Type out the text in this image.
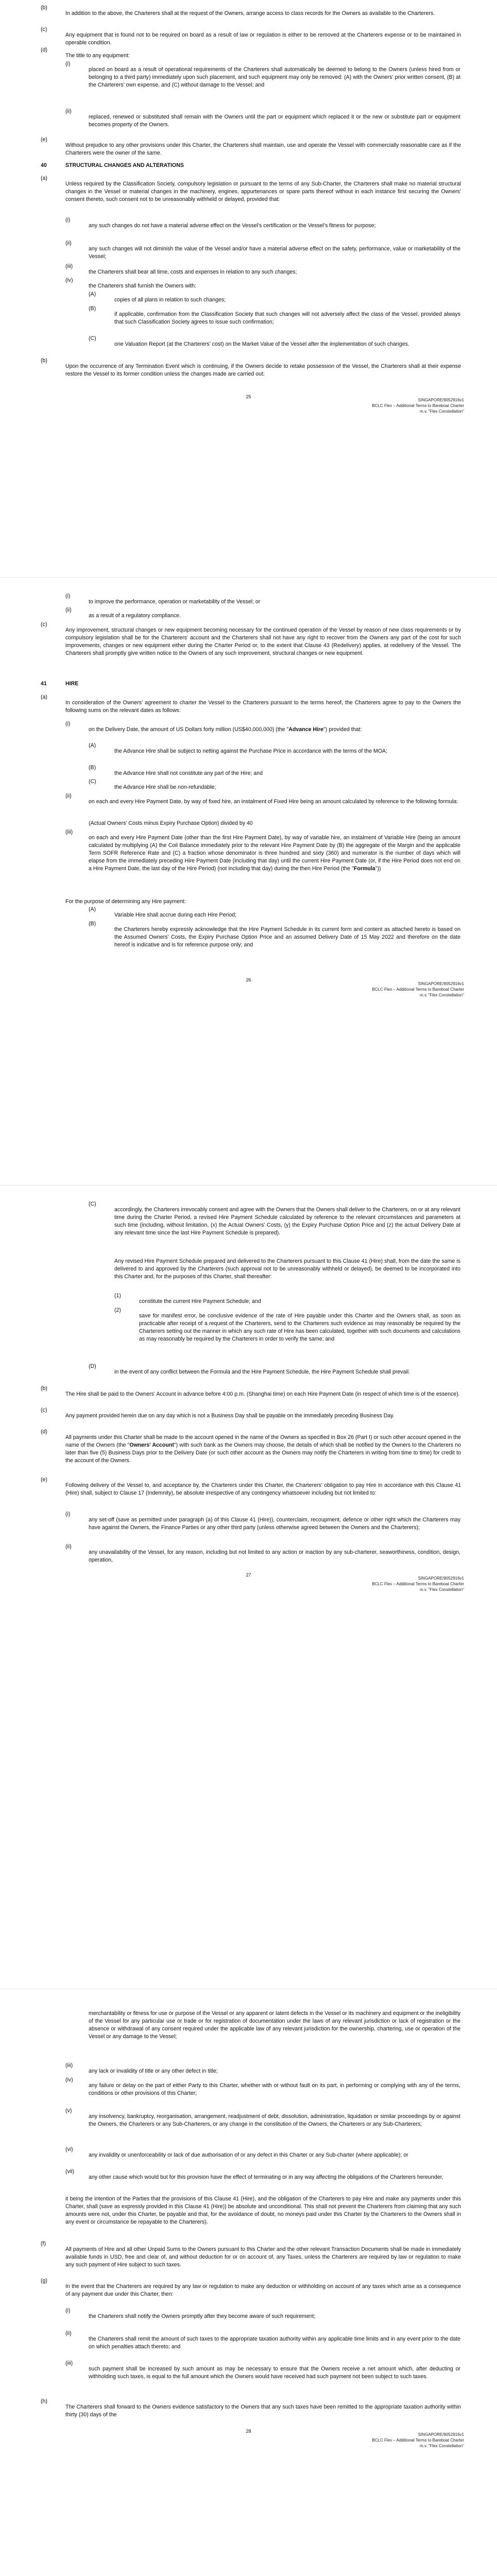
(b)

In addition to the above, the Charterers shall at the request of the Owners, arrange access to class records for the Owners as available to the Charterers.

(c)

Any equipment that is found not to be required on board as a result of law or regulation is either to be removed at the Charterers expense or to be maintained in operable condition.

(d)

The title to any equipment:

(i)

placed on board as a result of operational requirements of the Charterers shall automatically be deemed to belong to the Owners (unless hired from or belonging to a third party) immediately upon such placement, and such equipment may only be removed: (A) with the Owners' prior written consent, (B) at the Charterers' own expense, and (C) without damage to the Vessel; and

(ii)

replaced, renewed or substituted shall remain with the Owners until the part or equipment which replaced it or the new or substitute part or equipment becomes property of the Owners.

(e)

Without prejudice to any other provisions under this Charter, the Charterers shall maintain, use and operate the Vessel with commercially reasonable care as if the Charterers were the owner of the same.

40	STRUCTURAL CHANGES AND ALTERATIONS
(a)

Unless required by the Classification Society, compulsory legislation or pursuant to the terms of any Sub-Charter, the Charterers shall make no material structural changes in the Vessel or material changes in the machinery, engines, appurtenances or spare parts thereof without in each instance first securing the Owners' consent thereto, such consent not to be unreasonably withheld or delayed, provided that:

(i)

any such changes do not have a material adverse effect on the Vessel's certification or the Vessel's fitness for purpose;

(ii)

any such changes will not diminish the value of the Vessel and/or have a material adverse effect on the safety, performance, value or marketability of the Vessel;

(iii)

the Charterers shall bear all time, costs and expenses in relation to any such changes;

(iv)

the Charterers shall furnish the Owners with:

(A)

copies of all plans in relation to such changes;

(B)

if applicable, confirmation from the Classification Society that such changes will not adversely affect the class of the Vessel, provided always that such Classification Society agrees to issue such confirmation;

(C)

one Valuation Report (at the Charterers' cost) on the Market Value of the Vessel after the implementation of such changes.

(b)

Upon the occurrence of any Termination Event which is continuing, if the Owners decide to retake possession of the Vessel, the Charterers shall at their expense restore the Vessel to its former condition unless the changes made are carried out:

25
SINGAPORE/9052916v1
BCLC Flex – Additional Terms to Bareboat Charter
m.v. "Flex Constellation"
(i)

to improve the performance, operation or marketability of the Vessel; or

(ii)

as a result of a regulatory compliance.

(c)

Any improvement, structural changes or new equipment becoming necessary for the continued operation of the Vessel by reason of new class requirements or by compulsory legislation shall be for the Charterers' account and the Charterers shall not have any right to recover from the Owners any part of the cost for such improvements, changes or new equipment either during the Charter Period or, to the extent that Clause 43 (Redelivery) applies, at redelivery of the Vessel. The Charterers shall promptly give written notice to the Owners of any such improvement, structural changes or new equipment.

41	HIRE
(a)

In consideration of the Owners' agreement to charter the Vessel to the Charterers pursuant to the terms hereof, the Charterers agree to pay to the Owners the following sums on the relevant dates as follows:

(i)

on the Delivery Date, the amount of US Dollars forty million (US$40,000,000) (the "Advance Hire") provided that:

(A)

the Advance Hire shall be subject to netting against the Purchase Price in accordance with the terms of the MOA;

(B)

the Advance Hire shall not constitute any part of the Hire; and

(C)

the Advance Hire shall be non-refundable;

(ii)

on each and every Hire Payment Date, by way of fixed hire, an instalment of Fixed Hire being an amount calculated by reference to the following formula:

(Actual Owners' Costs minus Expiry Purchase Option) divided by 40

(iii)

on each and every Hire Payment Date (other than the first Hire Payment Date), by way of variable hire, an instalment of Variable Hire (being an amount calculated by multiplying (A) the Coil Balance immediately prior to the relevant Hire Payment Date by (B) the aggregate of the Margin and the applicable Term SOFR Reference Rate and (C) a fraction whose denominator is three hundred and sixty (360) and numerator is the number of days which will elapse from the immediately preceding Hire Payment Date (including that day) until the current Hire Payment Date (or, if the Hire Period does not end on a Hire Payment Date, the last day of the Hire Period) (not including that day) during the then Hire Period (the "Formula"))

For the purpose of determining any Hire payment:

(A)

Variable Hire shall accrue during each Hire Period;

(B)

the Charterers hereby expressly acknowledge that the Hire Payment Schedule in its current form and content as attached hereto is based on the Assumed Owners' Costs, the Expiry Purchase Option Price and an assumed Delivery Date of 15 May 2022 and therefore on the date hereof is indicative and is for reference purpose only; and

26
SINGAPORE/9052916v1
BCLC Flex – Additional Terms to Bareboat Charter
m.v. "Flex Constellation"
(C)

accordingly, the Charterers irrevocably consent and agree with the Owners that the Owners shall deliver to the Charterers, on or at any relevant time during the Charter Period, a revised Hire Payment Schedule calculated by reference to the relevant circumstances and parameters at such time (including, without limitation, (x) the Actual Owners' Costs, (y) the Expiry Purchase Option Price and (z) the actual Delivery Date at any relevant time since the last Hire Payment Schedule is prepared).

Any revised Hire Payment Schedule prepared and delivered to the Charterers pursuant to this Clause 41 (Hire) shall, from the date the same is delivered to and approved by the Charterers (such approval not to be unreasonably withheld or delayed), be deemed to be incorporated into this Charter and, for the purposes of this Charter, shall thereafter:

(1)

constitute the current Hire Payment Schedule; and

(2)

save for manifest error, be conclusive evidence of the rate of Hire payable under this Charter and the Owners shall, as soon as practicable after receipt of a request of the Charterers, send to the Charterers such evidence as may reasonably be required by the Charterers setting out the manner in which any such rate of Hire has been calculated, together with such documents and calculations as may reasonably be required by the Charterers in order to verify the same; and

(D)

in the event of any conflict between the Formula and the Hire Payment Schedule, the Hire Payment Schedule shall prevail.

(b)

The Hire shall be paid to the Owners' Account in advance before 4:00 p.m. (Shanghai time) on each Hire Payment Date (in respect of which time is of the essence).

(c)

Any payment provided herein due on any day which is not a Business Day shall be payable on the immediately preceding Business Day.

(d)

All payments under this Charter shall be made to the account opened in the name of the Owners as specified in Box 26 (Part I) or such other account opened in the name of the Owners (the "Owners' Account") with such bank as the Owners may choose, the details of which shall be notified by the Owners to the Charterers no later than five (5) Business Days prior to the Delivery Date (or such other account as the Owners may notify the Charterers in writing from time to time) for credit to the account of the Owners.

(e)

Following delivery of the Vessel to, and acceptance by, the Charterers under this Charter, the Charterers' obligation to pay Hire in accordance with this Clause 41 (Hire) shall, subject to Clause 17 (Indemnity), be absolute irrespective of any contingency whatsoever including but not limited to:

(i)

any set-off (save as permitted under paragraph (a) of this Clause 41 (Hire)), counterclaim, recoupment, defence or other right which the Charterers may have against the Owners, the Finance Parties or any other third party (unless otherwise agreed between the Owners and the Charterers);

(ii)

any unavailability of the Vessel, for any reason, including but not limited to any action or inaction by any sub-charterer, seaworthiness, condition, design, operation,

27
SINGAPORE/9052916v1
BCLC Flex – Additional Terms to Bareboat Charter
m.v. "Flex Constellation"

merchantability or fitness for use or purpose of the Vessel or any apparent or latent defects in the Vessel or its machinery and equipment or the ineligibility of the Vessel for any particular use or trade or for registration of documentation under the laws of any relevant jurisdiction or lack of registration or the absence or withdrawal of any consent required under the applicable law of any relevant jurisdiction for the ownership, chartering, use or operation of the Vessel or any damage to the Vessel;

(iii)

any lack or invalidity of title or any other defect in title;

(iv)

any failure or delay on the part of either Party to this Charter, whether with or without fault on its part, in performing or complying with any of the terms, conditions or other provisions of this Charter;

(v)

any insolvency, bankruptcy, reorganisation, arrangement, readjustment of debt, dissolution, administration, liquidation or similar proceedings by or against the Owners, the Charterers or any Sub-Charterers, or any change in the constitution of the Owners, the Charterers or any Sub-Charterers;

(vi)

any invalidity or unenforceability or lack of due authorisation of or any defect in this Charter or any Sub-charter (where applicable); or

(vii)

any other cause which would but for this provision have the effect of terminating or in any way affecting the obligations of the Charterers hereunder,

it being the intention of the Parties that the provisions of this Clause 41 (Hire), and the obligation of the Charterers to pay Hire and make any payments under this Charter, shall (save as expressly provided in this Clause 41 (Hire)) be absolute and unconditional. This shall not prevent the Charterers from claiming that any such amounts were not, under this Charter, be payable and that, for the avoidance of doubt, no moneys paid under this Charter by the Charterers to the Owners shall in any event or circumstance be repayable to the Charterers).

(f)

All payments of Hire and all other Unpaid Sums to the Owners pursuant to this Charter and the other relevant Transaction Documents shall be made in immediately available funds in USD, free and clear of, and without deduction for or on account of, any Taxes, unless the Charterers are required by law or regulation to make any such payment of Hire subject to such taxes.

(g)

In the event that the Charterers are required by any law or regulation to make any deduction or withholding on account of any taxes which arise as a consequence of any payment due under this Charter, then:

(i)

the Charterers shall notify the Owners promptly after they become aware of such requirement;

(ii)

the Charterers shall remit the amount of such taxes to the appropriate taxation authority within any applicable time limits and in any event prior to the date on which penalties attach thereto; and

(iii)

such payment shall be increased by such amount as may be necessary to ensure that the Owners receive a net amount which, after deducting or withholding such taxes, is equal to the full amount which the Owners would have received had such payment not been subject to such taxes.

(h)

The Charterers shall forward to the Owners evidence satisfactory to the Owners that any such taxes have been remitted to the appropriate taxation authority within thirty (30) days of the

28
SINGAPORE/9052916v1
BCLC Flex – Additional Terms to Bareboat Charter
m.v. "Flex Constellation"
